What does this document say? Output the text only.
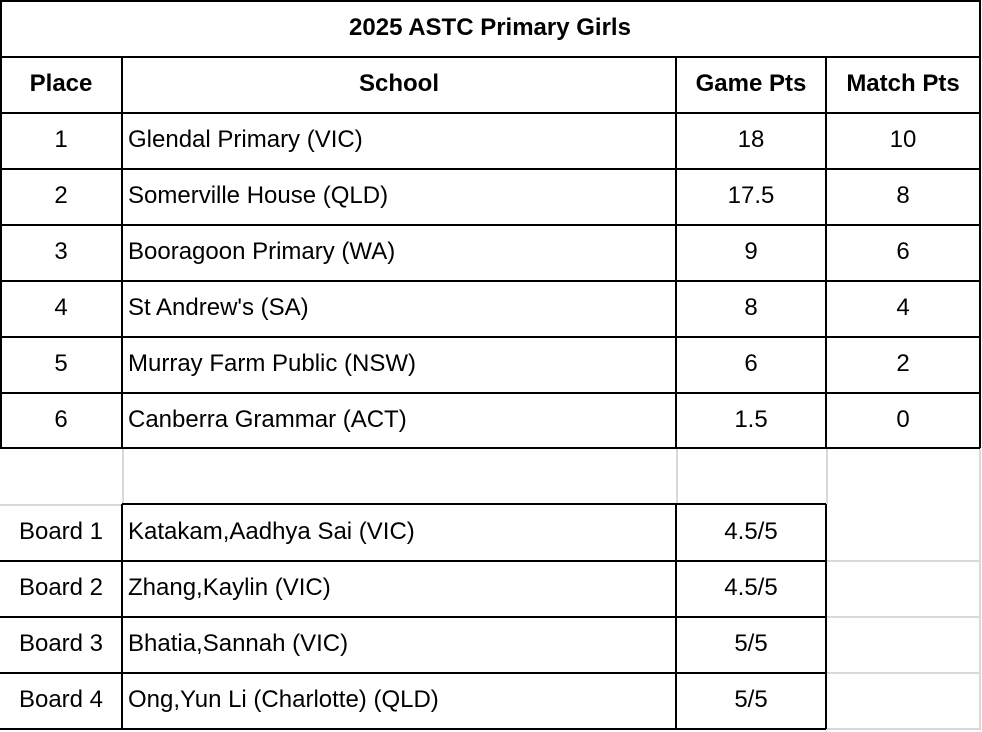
2025 ASTC Primary Girls
Place	School	Game Pts	Match Pts
1	Glendal Primary (VIC)	18	10
2	Somerville House (QLD)	17.5	8
3	Booragoon Primary (WA)	9	6
4	St Andrew's (SA)	8	4
5	Murray Farm Public (NSW)	6	2
6	Canberra Grammar (ACT)	1.5	0
Board 1	Katakam,Aadhya Sai (VIC)	4.5/5
Board 2	Zhang,Kaylin (VIC)	4.5/5
Board 3	Bhatia,Sannah (VIC)	5/5
Board 4	Ong,Yun Li (Charlotte) (QLD)	5/5
